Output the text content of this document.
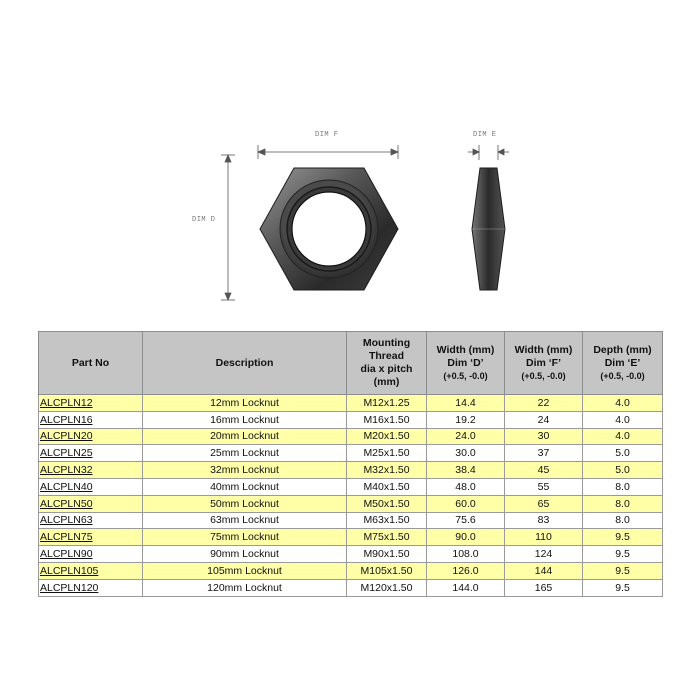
DIM F	DIM E
DIM D
Part No	Description	Mounting
Thread
dia x pitch
(mm)	Width (mm)
Dim ‘D’

(+0.5, -0.0)	Width (mm)
Dim ‘F’

(+0.5, -0.0)	Depth (mm)
Dim ‘E’

(+0.5, -0.0)

ALCPLN12	12mm Locknut	M12x1.25	14.4	22	4.0
ALCPLN16	16mm Locknut	M16x1.50	19.2	24	4.0
ALCPLN20	20mm Locknut	M20x1.50	24.0	30	4.0
ALCPLN25	25mm Locknut	M25x1.50	30.0	37	5.0
ALCPLN32	32mm Locknut	M32x1.50	38.4	45	5.0
ALCPLN40	40mm Locknut	M40x1.50	48.0	55	8.0
ALCPLN50	50mm Locknut	M50x1.50	60.0	65	8.0
ALCPLN63	63mm Locknut	M63x1.50	75.6	83	8.0
ALCPLN75	75mm Locknut	M75x1.50	90.0	110	9.5
ALCPLN90	90mm Locknut	M90x1.50	108.0	124	9.5
ALCPLN105	105mm Locknut	M105x1.50	126.0	144	9.5
ALCPLN120	120mm Locknut	M120x1.50	144.0	165	9.5
